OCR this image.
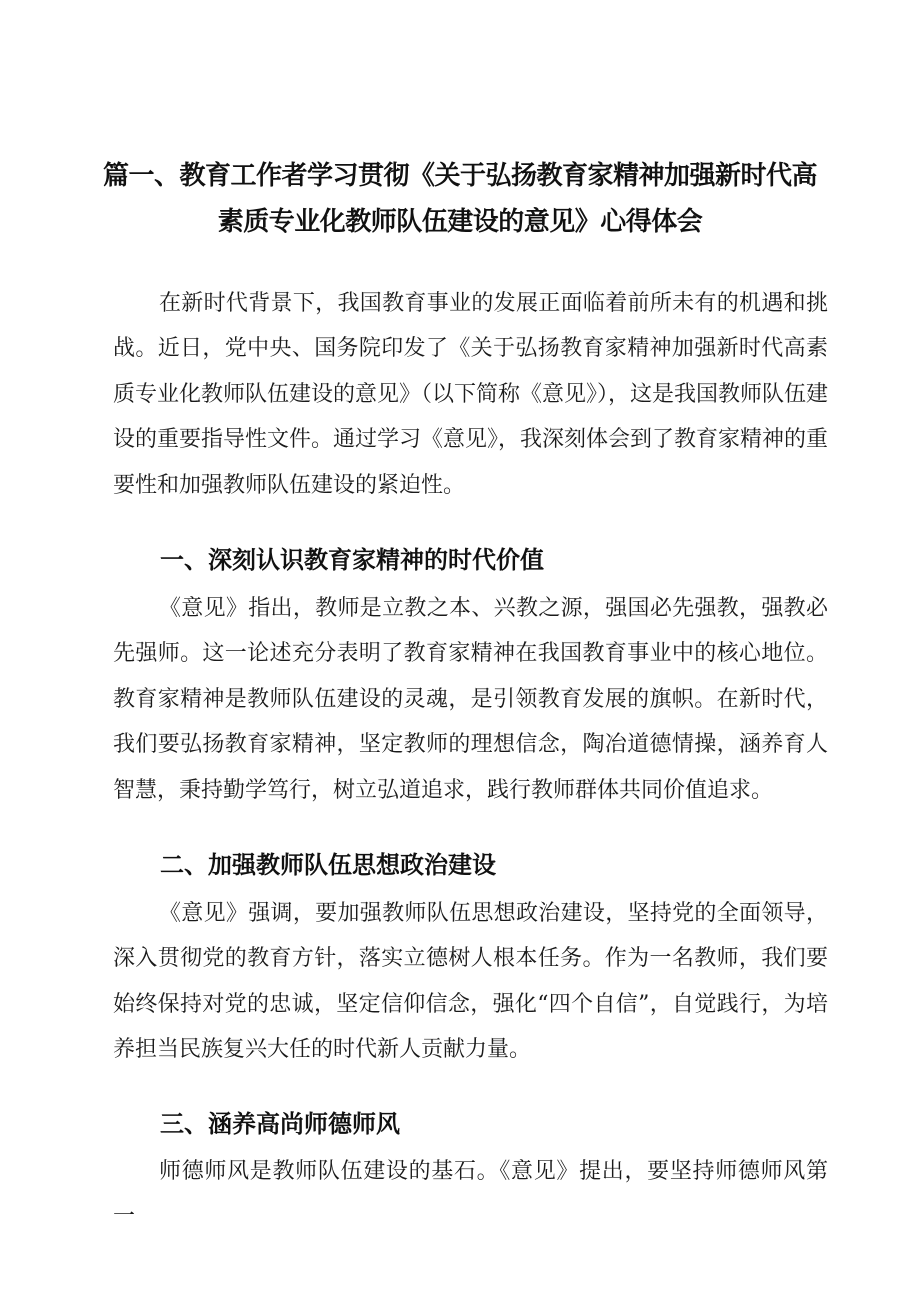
篇一、教育工作者学习贯彻《关于弘扬教育家精神加强新时代高
素质专业化教师队伍建设的意见》心得体会

在新时代背景下，我国教育事业的发展正面临着前所未有的机遇和挑战。近日，党中央、国务院印发了《关于弘扬教育家精神加强新时代高素质专业化教师队伍建设的意见》（以下简称《意见》），这是我国教师队伍建设的重要指导性文件。通过学习《意见》，我深刻体会到了教育家精神的重要性和加强教师队伍建设的紧迫性。

一、深刻认识教育家精神的时代价值

《意见》指出，教师是立教之本、兴教之源，强国必先强教，强教必先强师。这一论述充分表明了教育家精神在我国教育事业中的核心地位。教育家精神是教师队伍建设的灵魂，是引领教育发展的旗帜。在新时代，我们要弘扬教育家精神，坚定教师的理想信念，陶冶道德情操，涵养育人智慧，秉持勤学笃行，树立弘道追求，践行教师群体共同价值追求。

二、加强教师队伍思想政治建设

《意见》强调，要加强教师队伍思想政治建设，坚持党的全面领导，深入贯彻党的教育方针，落实立德树人根本任务。作为一名教师，我们要始终保持对党的忠诚，坚定信仰信念，强化“四个自信”，自觉践行，为培养担当民族复兴大任的时代新人贡献力量。

三、涵养高尚师德师风

师德师风是教师队伍建设的基石。《意见》提出，要坚持师德师风第一
